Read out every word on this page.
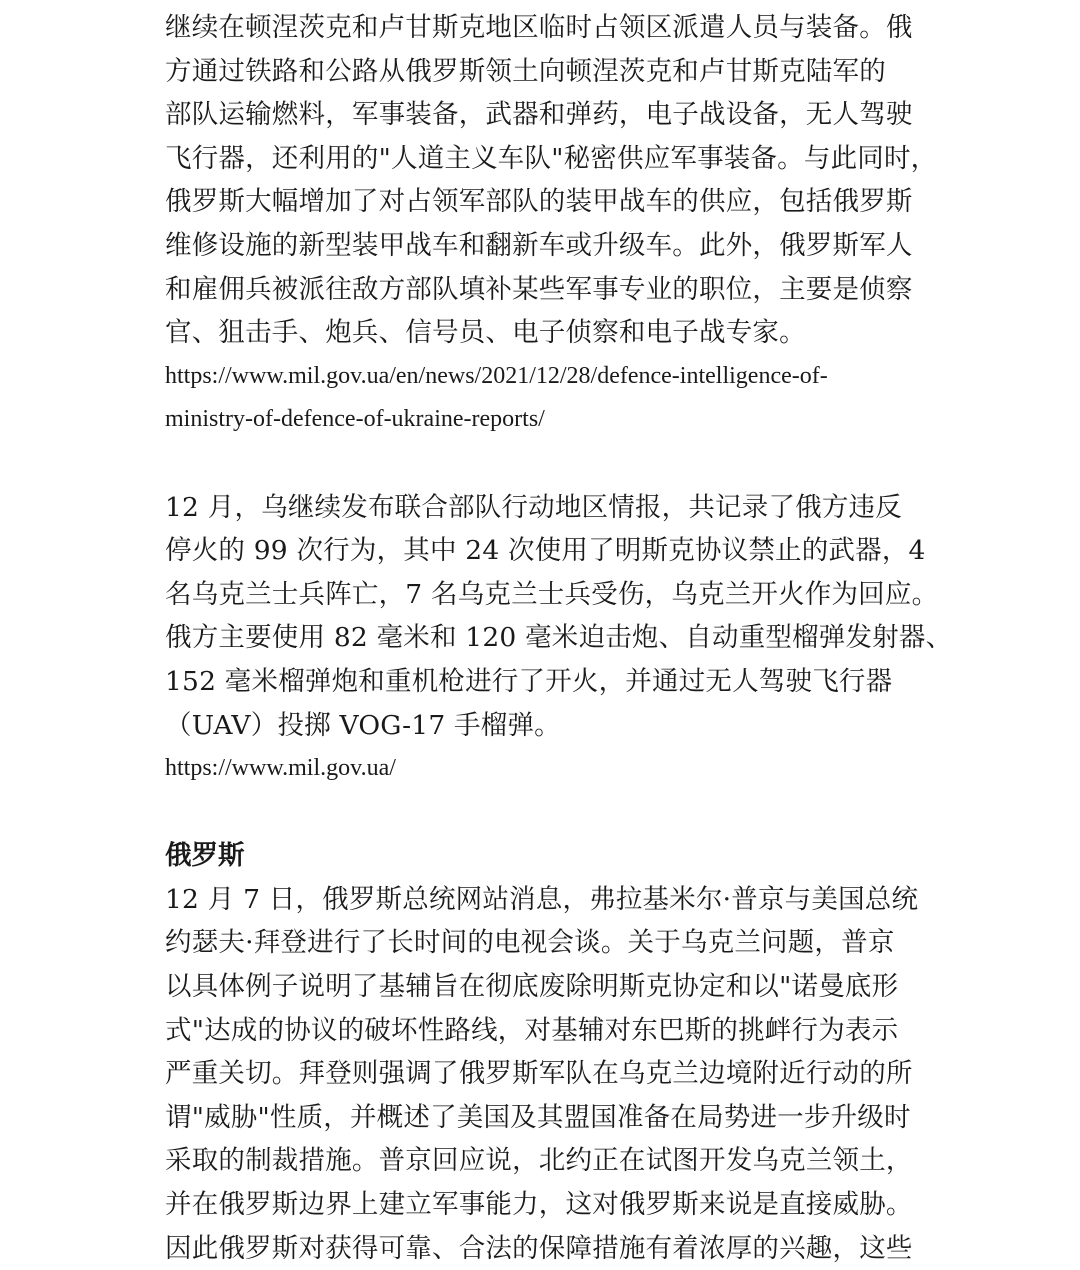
继续在顿涅茨克和卢甘斯克地区临时占领区派遣人员与装备。俄
方通过铁路和公路从俄罗斯领土向顿涅茨克和卢甘斯克陆军的
部队运输燃料，军事装备，武器和弹药，电子战设备，无人驾驶
飞行器，还利用的"人道主义车队"秘密供应军事装备。与此同时，
俄罗斯大幅增加了对占领军部队的装甲战车的供应，包括俄罗斯
维修设施的新型装甲战车和翻新车或升级车。此外，俄罗斯军人
和雇佣兵被派往敌方部队填补某些军事专业的职位，主要是侦察
官、狙击手、炮兵、信号员、电子侦察和电子战专家。
https://www.mil.gov.ua/en/news/2021/12/28/defence-intelligence-of-
ministry-of-defence-of-ukraine-reports/
12 月，乌继续发布联合部队行动地区情报，共记录了俄方违反
停火的 99 次行为，其中 24 次使用了明斯克协议禁止的武器，4
名乌克兰士兵阵亡，7 名乌克兰士兵受伤，乌克兰开火作为回应。
俄方主要使用 82 毫米和 120 毫米迫击炮、自动重型榴弹发射器、
152 毫米榴弹炮和重机枪进行了开火，并通过无人驾驶飞行器
（UAV）投掷 VOG-17 手榴弹。
https://www.mil.gov.ua/
俄罗斯
12 月 7 日，俄罗斯总统网站消息，弗拉基米尔·普京与美国总统
约瑟夫·拜登进行了长时间的电视会谈。关于乌克兰问题，普京
以具体例子说明了基辅旨在彻底废除明斯克协定和以"诺曼底形
式"达成的协议的破坏性路线，对基辅对东巴斯的挑衅行为表示
严重关切。拜登则强调了俄罗斯军队在乌克兰边境附近行动的所
谓"威胁"性质，并概述了美国及其盟国准备在局势进一步升级时
采取的制裁措施。普京回应说，北约正在试图开发乌克兰领土，
并在俄罗斯边界上建立军事能力，这对俄罗斯来说是直接威胁。
因此俄罗斯对获得可靠、合法的保障措施有着浓厚的兴趣，这些
